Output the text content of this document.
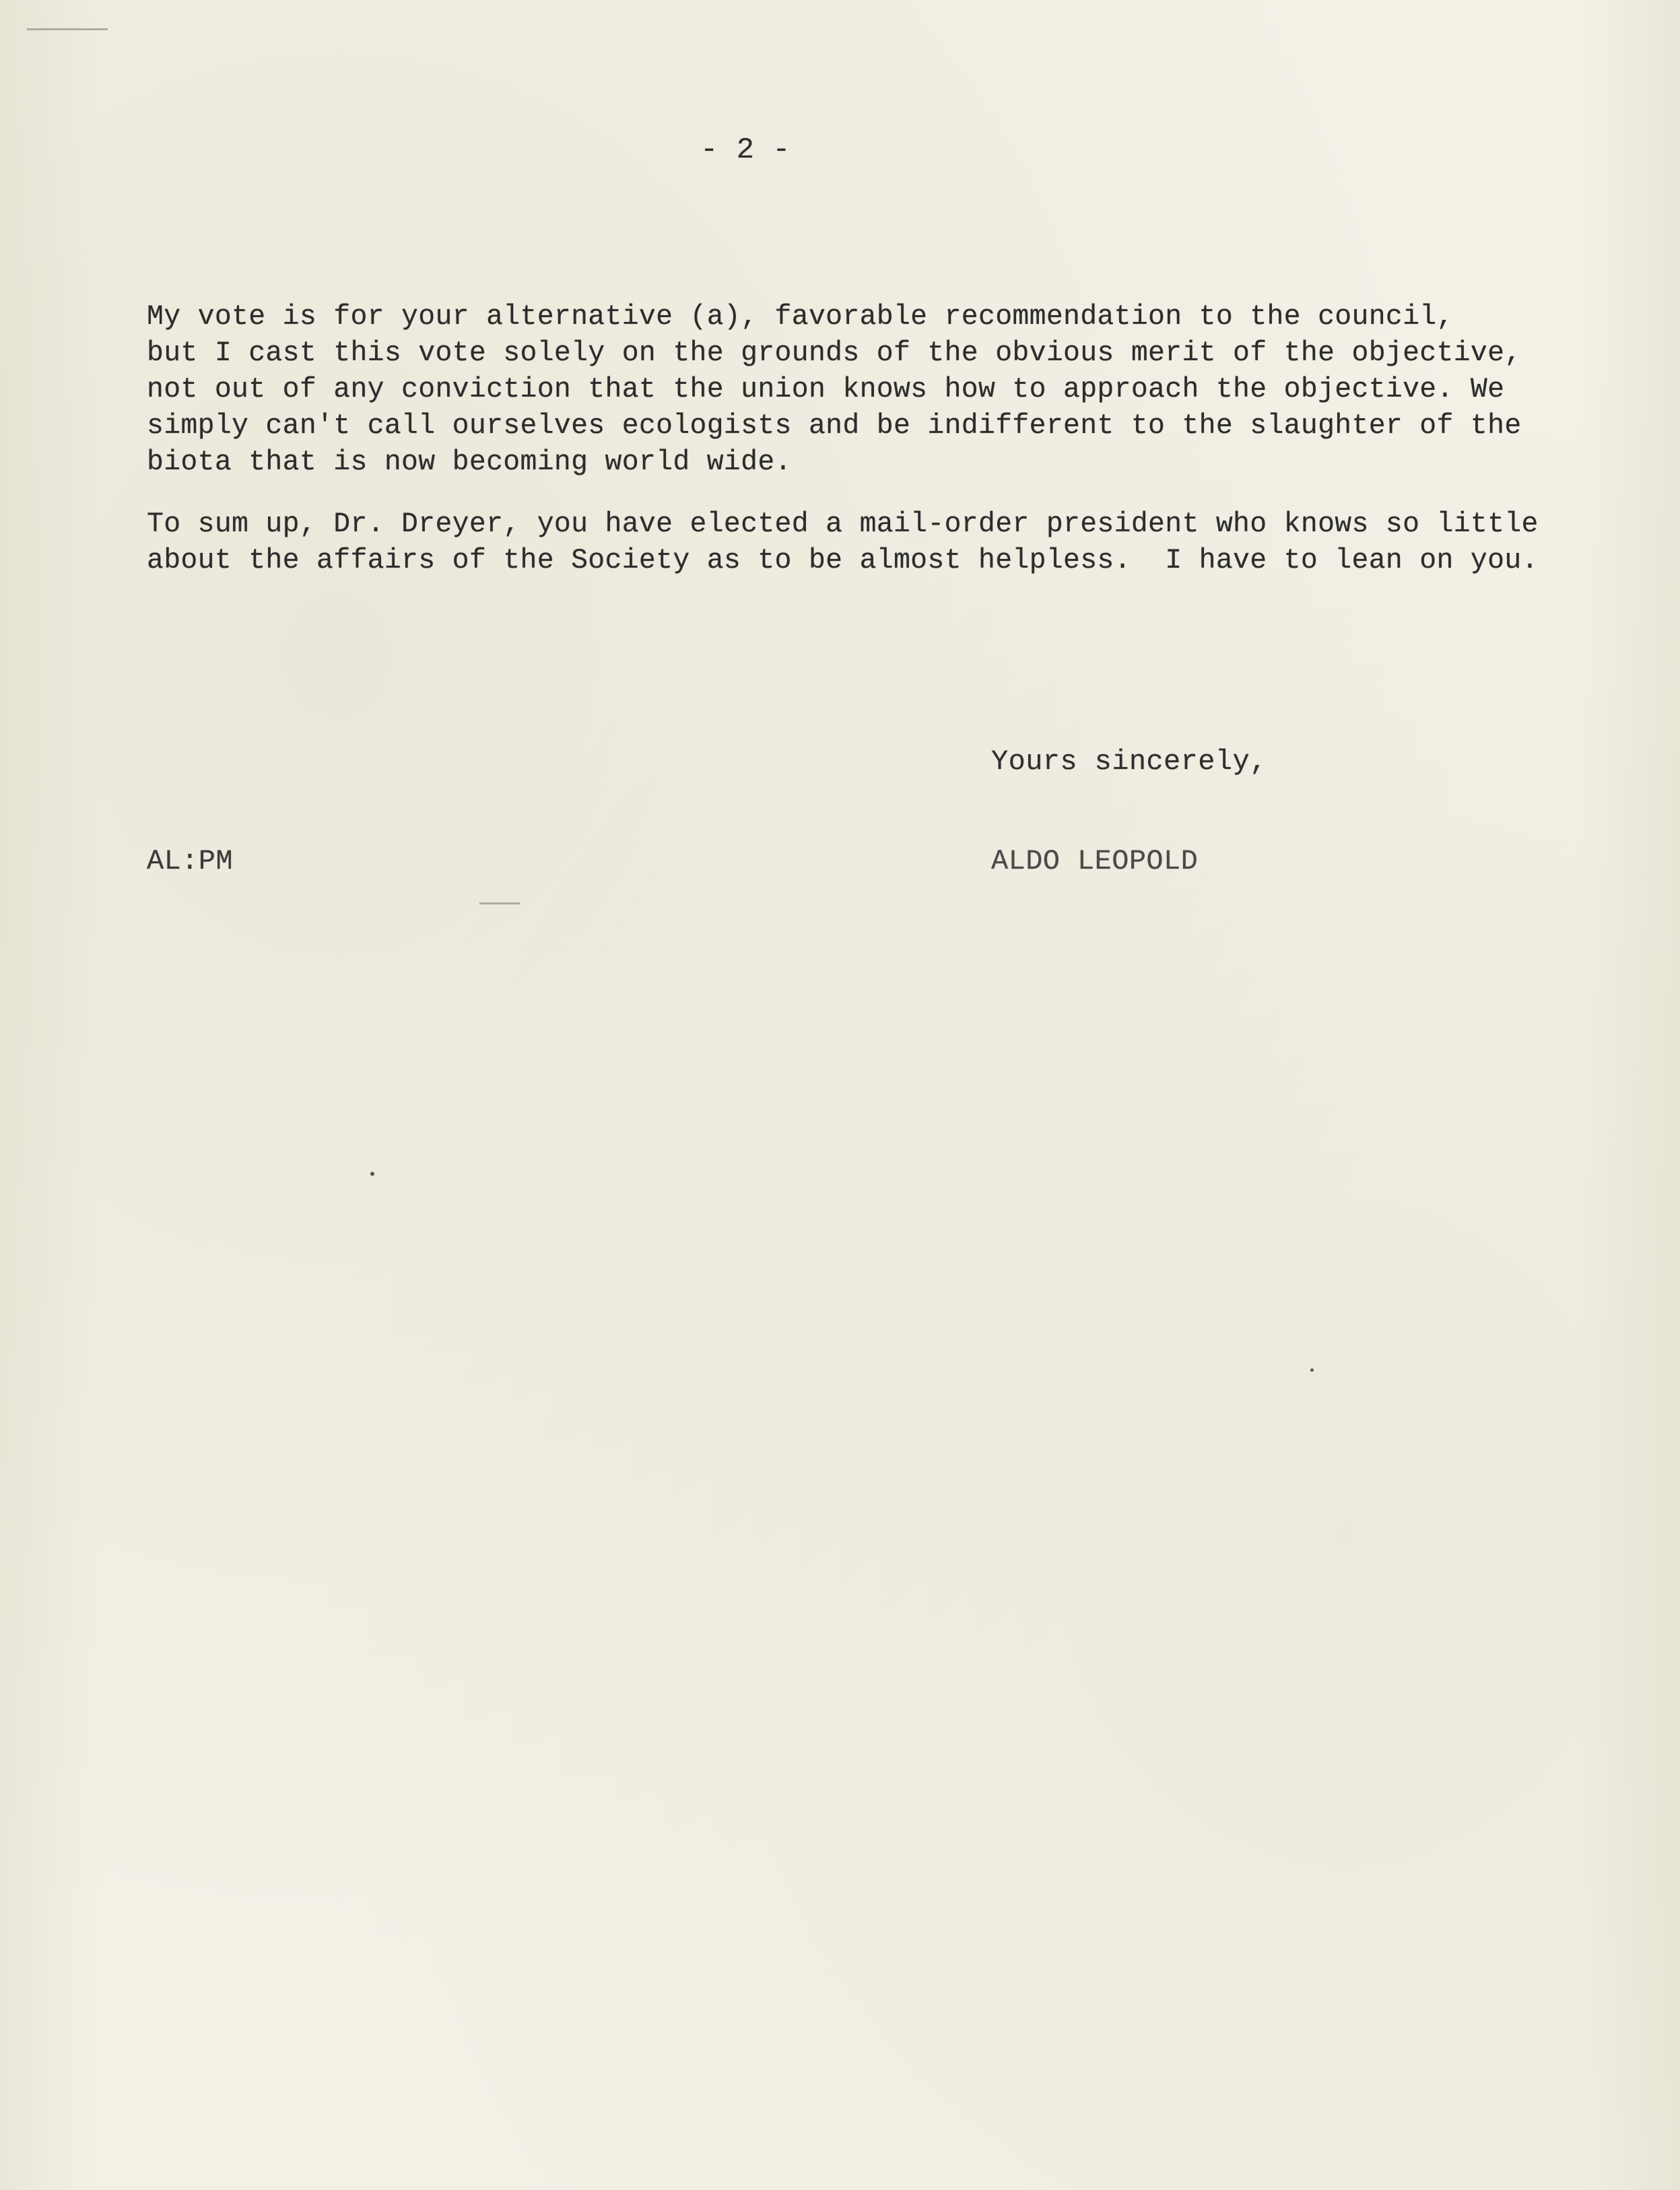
- 2 -
My vote is for your alternative (a), favorable recommendation to the council,
but I cast this vote solely on the grounds of the obvious merit of the objective,
not out of any conviction that the union knows how to approach the objective. We
simply can't call ourselves ecologists and be indifferent to the slaughter of the
biota that is now becoming world wide.
To sum up, Dr. Dreyer, you have elected a mail-order president who knows so little
about the affairs of the Society as to be almost helpless.  I have to lean on you.
Yours sincerely,
AL:PM	ALDO LEOPOLD
